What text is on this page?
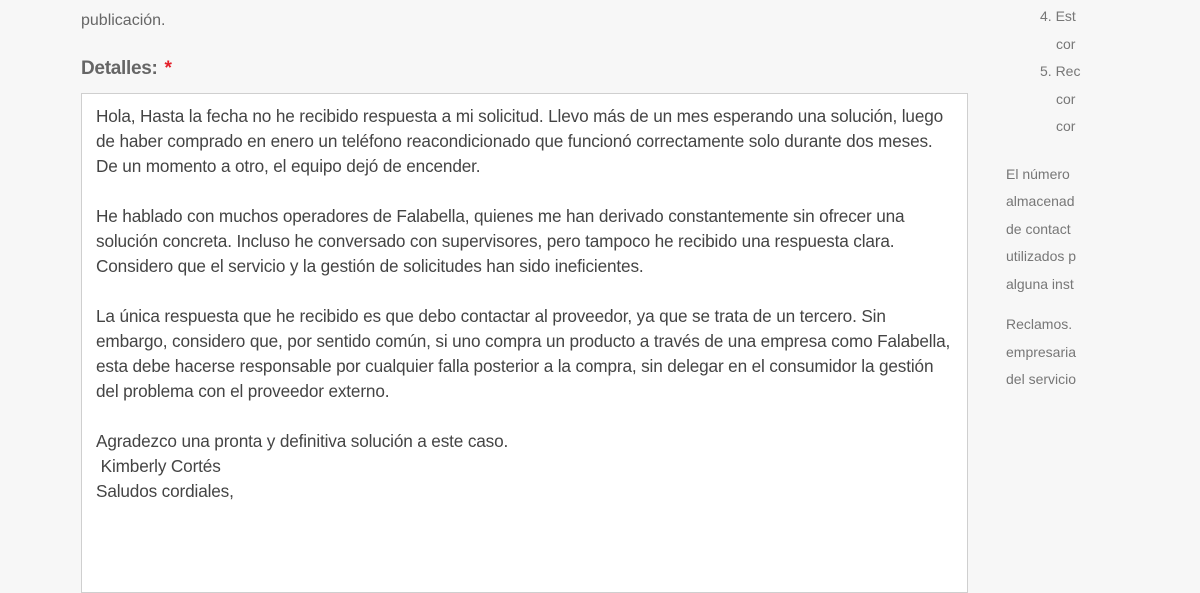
publicación.
Detalles: *
Hola, Hasta la fecha no he recibido respuesta a mi solicitud. Llevo más de un mes esperando una solución, luego de haber comprado en enero un teléfono reacondicionado que funcionó correctamente solo durante dos meses. De un momento a otro, el equipo dejó de encender.

He hablado con muchos operadores de Falabella, quienes me han derivado constantemente sin ofrecer una solución concreta. Incluso he conversado con supervisores, pero tampoco he recibido una respuesta clara. Considero que el servicio y la gestión de solicitudes han sido ineficientes.

La única respuesta que he recibido es que debo contactar al proveedor, ya que se trata de un tercero. Sin embargo, considero que, por sentido común, si uno compra un producto a través de una empresa como Falabella, esta debe hacerse responsable por cualquier falla posterior a la compra, sin delegar en el consumidor la gestión del problema con el proveedor externo.

Agradezco una pronta y definitiva solución a este caso.
Kimberly Cortés
Saludos cordiales,
4. Est
cor
5. Rec
cor
cor
El número
almacenad
de contact
utilizados p
alguna inst
Reclamos.
empresaria
del servicio
